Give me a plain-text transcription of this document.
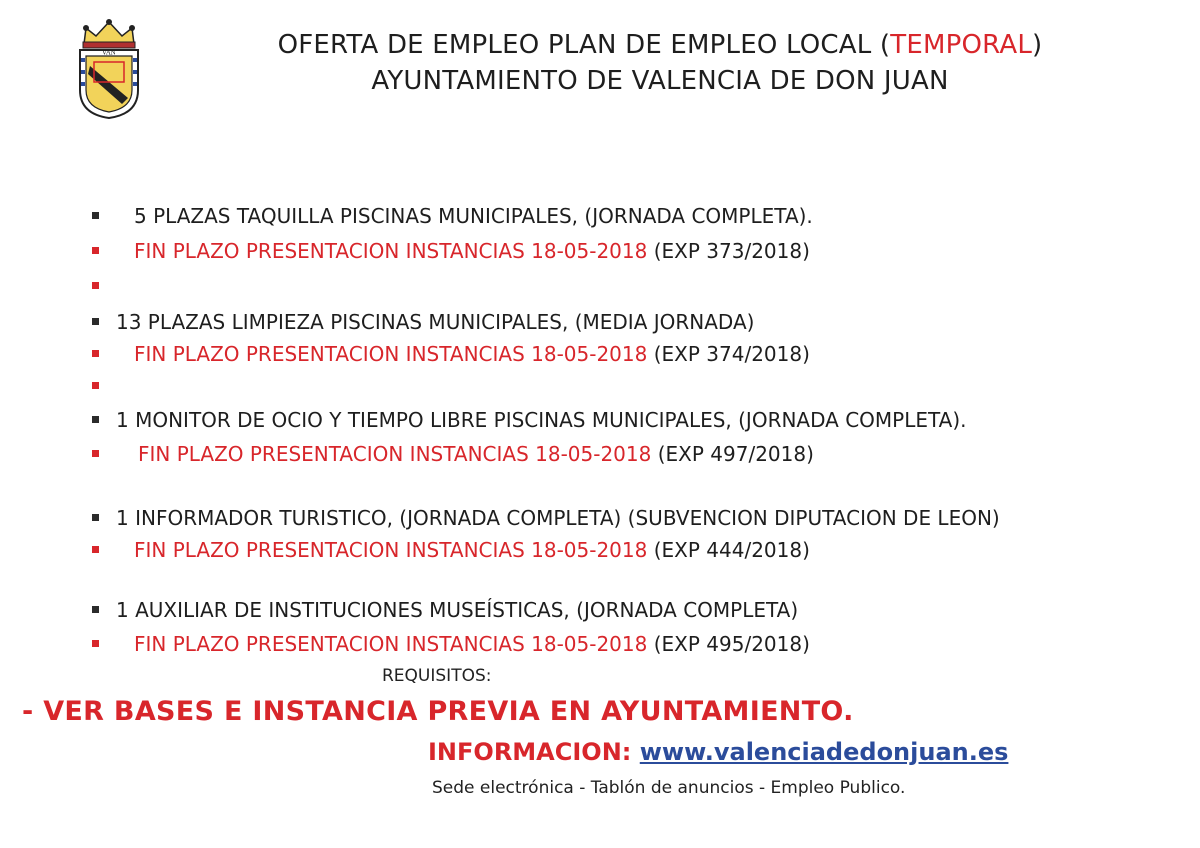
VAN	OFERTA DE EMPLEO PLAN DE EMPLEO LOCAL (TEMPORAL)
AYUNTAMIENTO DE VALENCIA DE DON JUAN
5 PLAZAS TAQUILLA PISCINAS MUNICIPALES, (JORNADA COMPLETA).
FIN PLAZO PRESENTACION INSTANCIAS 18-05-2018 (EXP 373/2018)
13 PLAZAS LIMPIEZA PISCINAS MUNICIPALES, (MEDIA JORNADA)
FIN PLAZO PRESENTACION INSTANCIAS 18-05-2018 (EXP 374/2018)
1 MONITOR DE OCIO Y TIEMPO LIBRE PISCINAS MUNICIPALES, (JORNADA COMPLETA).
FIN PLAZO PRESENTACION INSTANCIAS 18-05-2018 (EXP 497/2018)
1 INFORMADOR TURISTICO, (JORNADA COMPLETA) (SUBVENCION DIPUTACION DE LEON)
FIN PLAZO PRESENTACION INSTANCIAS 18-05-2018 (EXP 444/2018)
1 AUXILIAR DE INSTITUCIONES MUSEÍSTICAS, (JORNADA COMPLETA)
FIN PLAZO PRESENTACION INSTANCIAS 18-05-2018 (EXP 495/2018)
REQUISITOS:
- VER BASES E INSTANCIA PREVIA EN AYUNTAMIENTO.
INFORMACION: www.valenciadedonjuan.es
Sede electrónica - Tablón de anuncios - Empleo Publico.
